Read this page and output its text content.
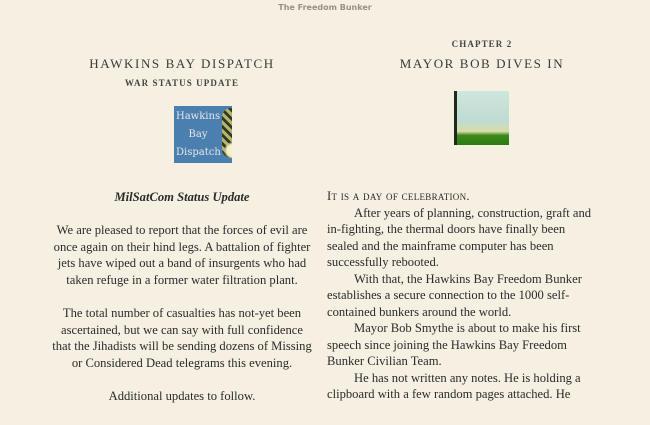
The Freedom Bunker
HAWKINS BAY DISPATCH
WAR STATUS UPDATE
Hawkins
Bay
Dispatch
MilSatCom Status Update
We are pleased to report that the forces of evil are
once again on their hind legs. A battalion of fighter
jets have wiped out a band of insurgents who had
taken refuge in a former water filtration plant.
The total number of casualties has not-yet been
ascertained, but we can say with full confidence
that the Jihadists will be sending dozens of Missing
or Considered Dead telegrams this evening.
Additional updates to follow.
CHAPTER 2
MAYOR BOB DIVES IN
It is a day of celebration.
After years of planning, construction, graft and
in-fighting, the thermal doors have finally been
sealed and the mainframe computer has been
successfully rebooted.
With that, the Hawkins Bay Freedom Bunker
establishes a secure connection to the 1000 self-
contained bunkers around the world.
Mayor Bob Smythe is about to make his first
speech since joining the Hawkins Bay Freedom
Bunker Civilian Team.
He has not written any notes. He is holding a
clipboard with a few random pages attached. He
